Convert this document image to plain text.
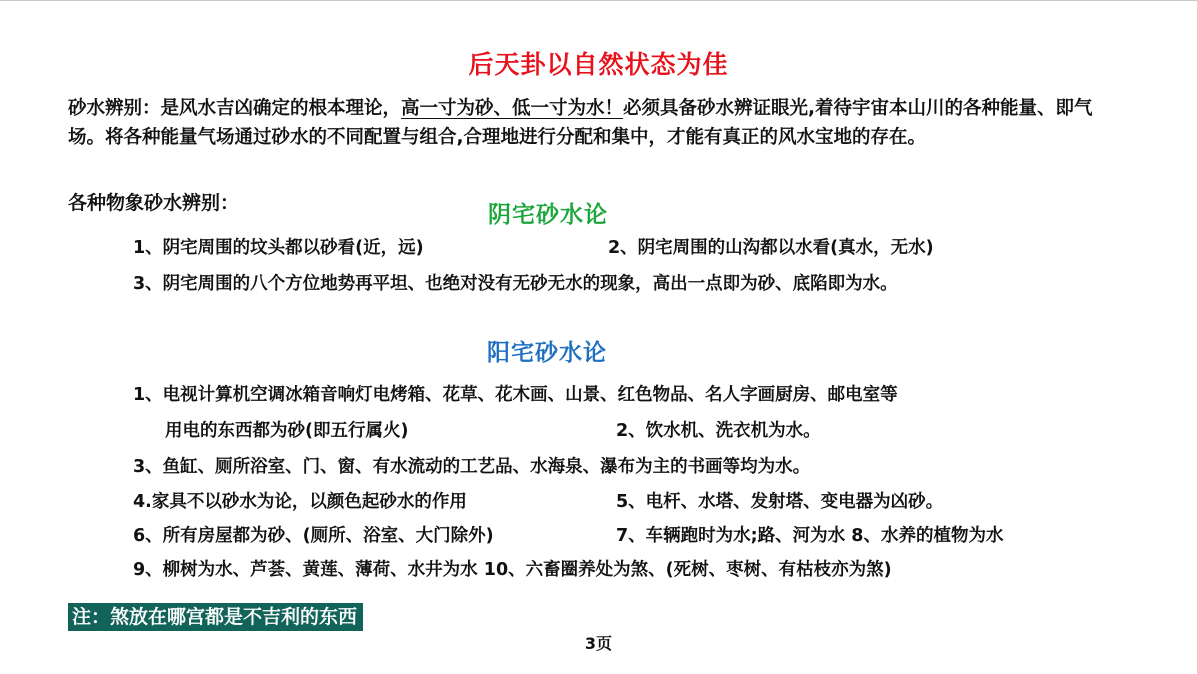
后天卦以自然状态为佳
砂水辨别：是风水吉凶确定的根本理论，高一寸为砂、低一寸为水！必须具备砂水辨证眼光,着待宇宙本山川的各种能量、即气场。将各种能量气场通过砂水的不同配置与组合,合理地进行分配和集中，才能有真正的风水宝地的存在。
各种物象砂水辨别：	阴宅砂水论
1、阴宅周围的坟头都以砂看(近，远)	2、阴宅周围的山沟都以水看(真水，无水)
3、阴宅周围的八个方位地势再平坦、也绝对没有无砂无水的现象，高出一点即为砂、底陷即为水。
阳宅砂水论
1、电视计算机空调冰箱音响灯电烤箱、花草、花木画、山景、红色物品、名人字画厨房、邮电室等
用电的东西都为砂(即五行属火)	2、饮水机、洗衣机为水。
3、鱼缸、厕所浴室、门、窗、有水流动的工艺品、水海泉、瀑布为主的书画等均为水。
4.家具不以砂水为论，以颜色起砂水的作用	5、电杆、水塔、发射塔、变电器为凶砂。
6、所有房屋都为砂、(厕所、浴室、大门除外)	7、车辆跑时为水;路、河为水 8、水养的植物为水
9、柳树为水、芦荟、黄莲、薄荷、水井为水 10、六畜圈养处为煞、(死树、枣树、有枯枝亦为煞)
注：煞放在哪宫都是不吉利的东西
3页
